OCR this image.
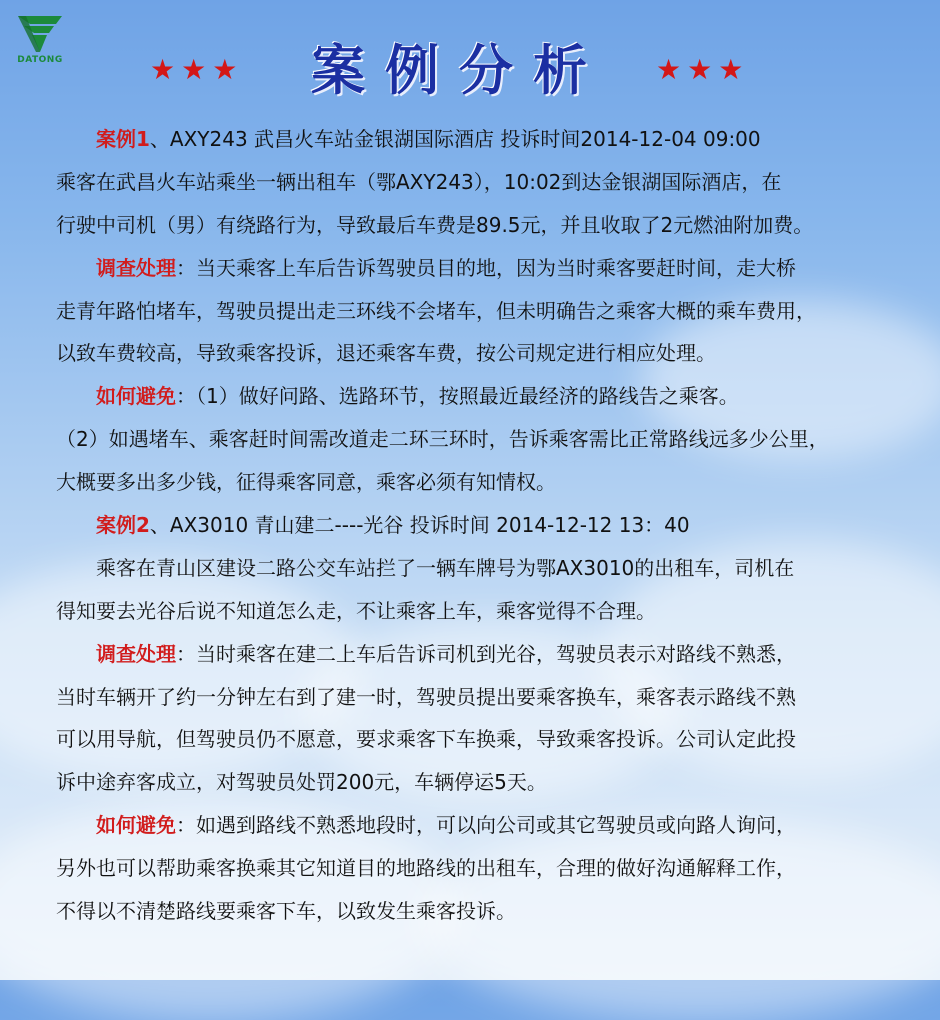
DATONG	★★★	案例分析	★★★
案例1、AXY243 武昌火车站金银湖国际酒店 投诉时间2014-12-04 09:00
乘客在武昌火车站乘坐一辆出租车（鄂AXY243），10:02到达金银湖国际酒店，在
行驶中司机（男）有绕路行为，导致最后车费是89.5元，并且收取了2元燃油附加费。
调查处理：当天乘客上车后告诉驾驶员目的地，因为当时乘客要赶时间，走大桥
走青年路怕堵车，驾驶员提出走三环线不会堵车，但未明确告之乘客大概的乘车费用，
以致车费较高，导致乘客投诉，退还乘客车费，按公司规定进行相应处理。
如何避免：（1）做好问路、选路环节，按照最近最经济的路线告之乘客。
（2）如遇堵车、乘客赶时间需改道走二环三环时，告诉乘客需比正常路线远多少公里，
大概要多出多少钱，征得乘客同意，乘客必须有知情权。
案例2、AX3010 青山建二----光谷 投诉时间 2014-12-12 13：40
乘客在青山区建设二路公交车站拦了一辆车牌号为鄂AX3010的出租车，司机在
得知要去光谷后说不知道怎么走，不让乘客上车，乘客觉得不合理。
调查处理：当时乘客在建二上车后告诉司机到光谷，驾驶员表示对路线不熟悉，
当时车辆开了约一分钟左右到了建一时，驾驶员提出要乘客换车，乘客表示路线不熟
可以用导航，但驾驶员仍不愿意，要求乘客下车换乘，导致乘客投诉。公司认定此投
诉中途弃客成立，对驾驶员处罚200元，车辆停运5天。
如何避免：如遇到路线不熟悉地段时，可以向公司或其它驾驶员或向路人询问，
另外也可以帮助乘客换乘其它知道目的地路线的出租车，合理的做好沟通解释工作，
不得以不清楚路线要乘客下车，以致发生乘客投诉。
